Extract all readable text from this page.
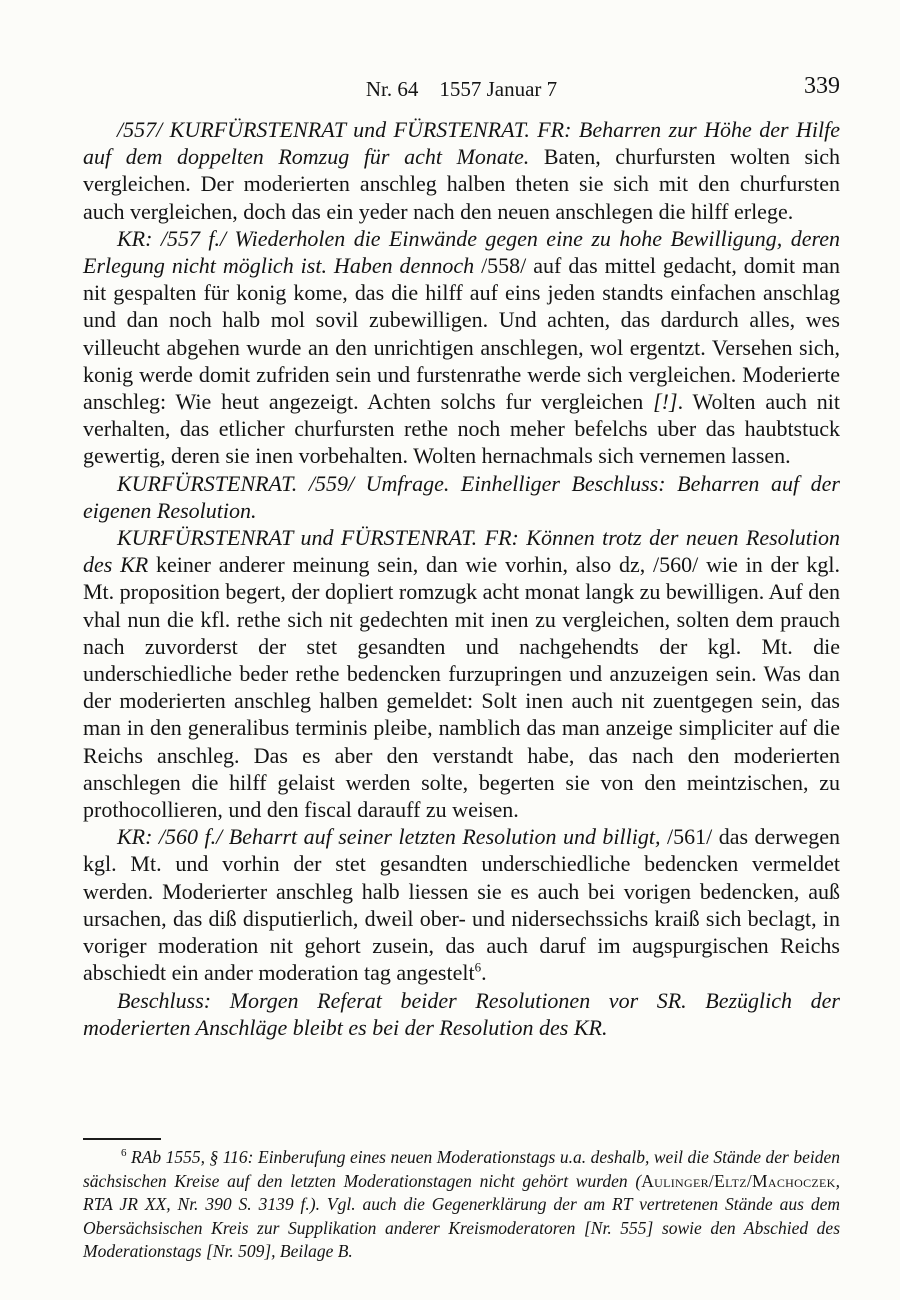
Nr. 64  1557 Januar 7	339

/557/ KURFÜRSTENRAT und FÜRSTENRAT. FR: Beharren zur Höhe der Hilfe auf dem doppelten Romzug für acht Monate. Baten, churfursten wolten sich vergleichen. Der moderierten anschleg halben theten sie sich mit den churfursten auch vergleichen, doch das ein yeder nach den neuen anschlegen die hilff erlege.

KR: /557 f./ Wiederholen die Einwände gegen eine zu hohe Bewilligung, deren Erlegung nicht möglich ist. Haben dennoch /558/ auf das mittel gedacht, domit man nit gespalten für konig kome, das die hilff auf eins jeden standts einfachen anschlag und dan noch halb mol sovil zubewilligen. Und achten, das dardurch alles, wes villeucht abgehen wurde an den unrichtigen anschlegen, wol ergentzt. Versehen sich, konig werde domit zufriden sein und furstenrathe werde sich vergleichen. Moderierte anschleg: Wie heut angezeigt. Achten solchs fur vergleichen [!]. Wolten auch nit verhalten, das etlicher churfursten rethe noch meher befelchs uber das haubtstuck gewertig, deren sie inen vorbehalten. Wolten hernachmals sich vernemen lassen.

KURFÜRSTENRAT. /559/ Umfrage. Einhelliger Beschluss: Beharren auf der eigenen Resolution.

KURFÜRSTENRAT und FÜRSTENRAT. FR: Können trotz der neuen Resolution des KR keiner anderer meinung sein, dan wie vorhin, also dz, /560/ wie in der kgl. Mt. proposition begert, der dopliert romzugk acht monat langk zu bewilligen. Auf den vhal nun die kfl. rethe sich nit gedechten mit inen zu vergleichen, solten dem prauch nach zuvorderst der stet gesandten und nachgehendts der kgl. Mt. die underschiedliche beder rethe bedencken furzupringen und anzuzeigen sein. Was dan der moderierten anschleg halben gemeldet: Solt inen auch nit zuentgegen sein, das man in den generalibus terminis pleibe, namblich das man anzeige simpliciter auf die Reichs anschleg. Das es aber den verstandt habe, das nach den moderierten anschlegen die hilff gelaist werden solte, begerten sie von den meintzischen, zu prothocollieren, und den fiscal darauff zu weisen.

KR: /560 f./ Beharrt auf seiner letzten Resolution und billigt, /561/ das derwegen kgl. Mt. und vorhin der stet gesandten underschiedliche bedencken vermeldet werden. Moderierter anschleg halb liessen sie es auch bei vorigen bedencken, auß ursachen, das diß disputierlich, dweil ober- und nidersechssichs kraiß sich beclagt, in voriger moderation nit gehort zusein, das auch daruf im augspurgischen Reichs abschiedt ein ander moderation tag angestelt$^6$.

Beschluss: Morgen Referat beider Resolutionen vor SR. Bezüglich der moderierten Anschläge bleibt es bei der Resolution des KR.

$^6$ RAb 1555, § 116: Einberufung eines neuen Moderationstags u.a. deshalb, weil die Stände der beiden sächsischen Kreise auf den letzten Moderationstagen nicht gehört wurden (Aulinger/Eltz/Machoczek, RTA JR XX, Nr. 390 S. 3139 f.). Vgl. auch die Gegenerklärung der am RT vertretenen Stände aus dem Obersächsischen Kreis zur Supplikation anderer Kreismoderatoren [Nr. 555] sowie den Abschied des Moderationstags [Nr. 509], Beilage B.
